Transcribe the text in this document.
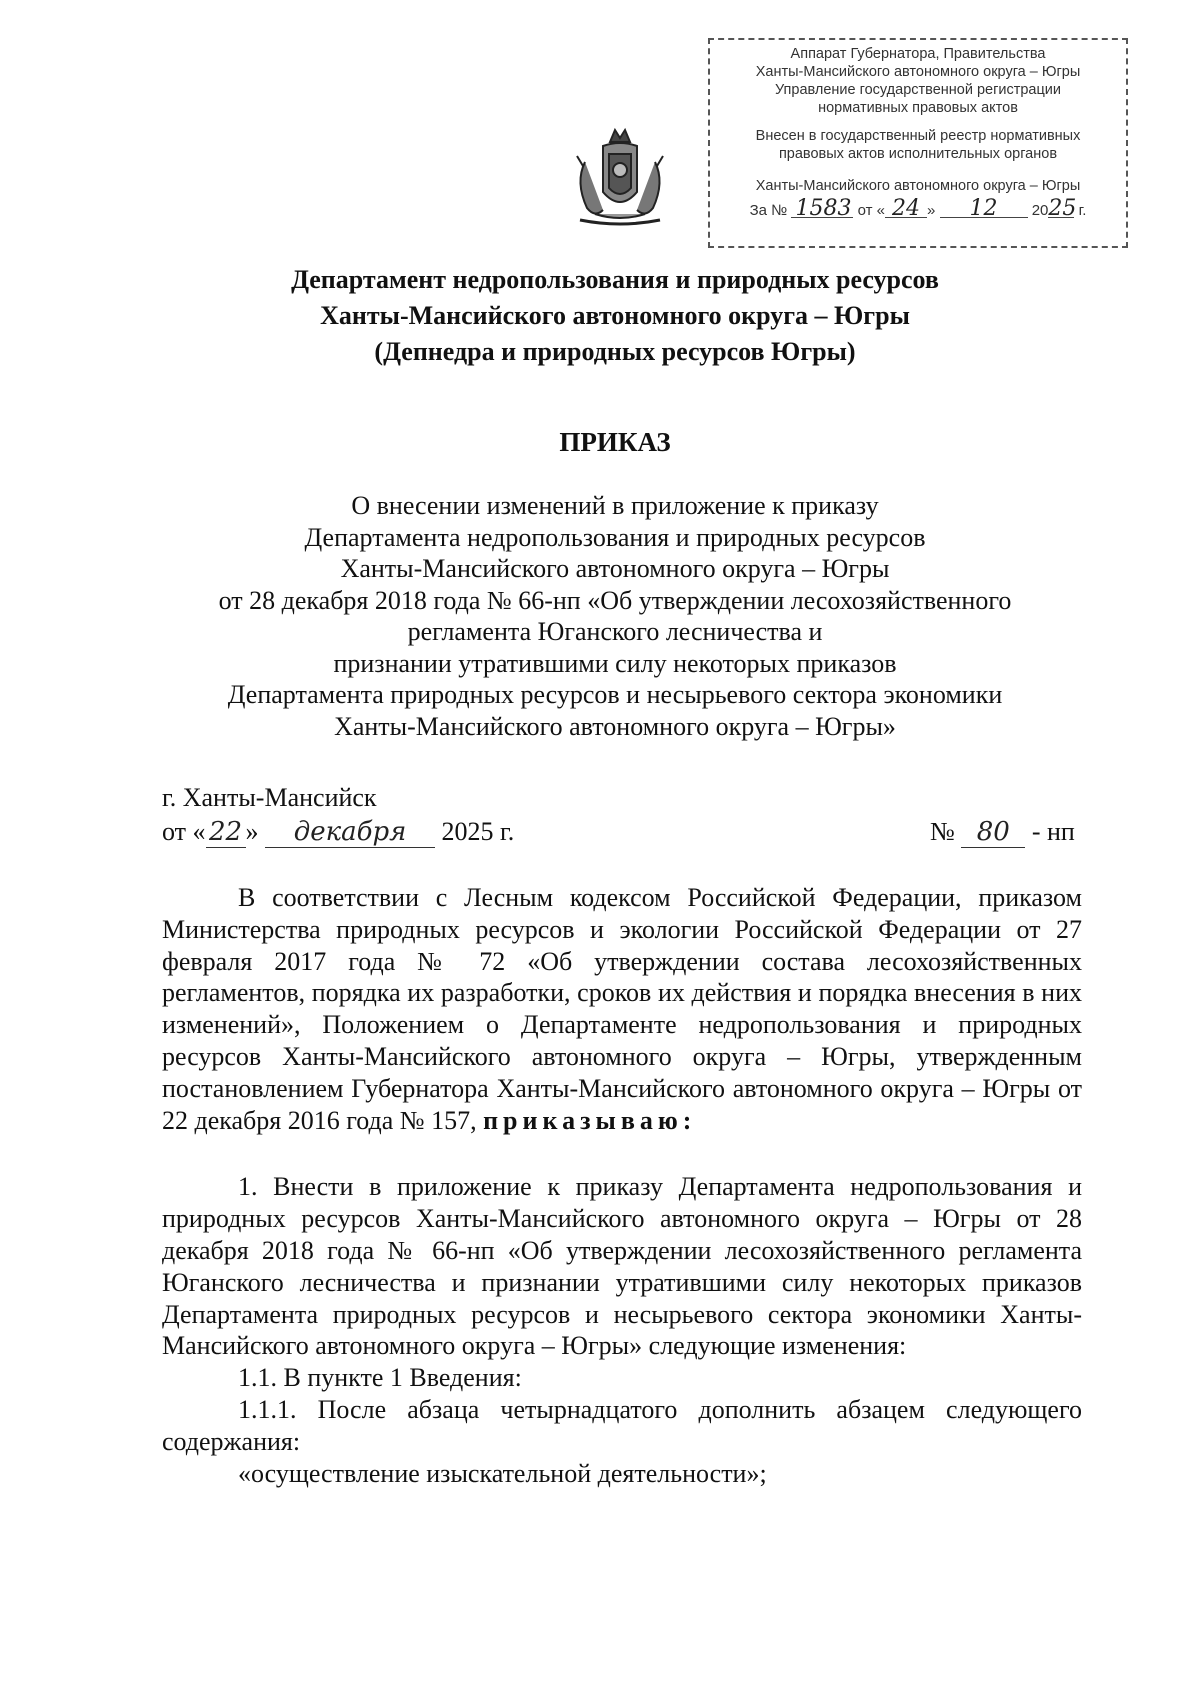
Аппарат Губернатора, Правительства
Ханты-Мансийского автономного округа – Югры
Управление государственной регистрации
нормативных правовых актов
Внесен в государственный реестр нормативных
правовых актов исполнительных органов
Ханты-Мансийского автономного округа – Югры
За № 1583 от « 24 » 12 2025 г.
Департамент недропользования и природных ресурсов
Ханты-Мансийского автономного округа – Югры
(Депнедра и природных ресурсов Югры)
ПРИКАЗ
О внесении изменений в приложение к приказу
Департамента недропользования и природных ресурсов
Ханты-Мансийского автономного округа – Югры
от 28 декабря 2018 года № 66-нп «Об утверждении лесохозяйственного
регламента Юганского лесничества и
признании утратившими силу некоторых приказов
Департамента природных ресурсов и несырьевого сектора экономики
Ханты-Мансийского автономного округа – Югры»
г. Ханты-Мансийск
от « 22 » декабря 2025 г.	№ 80 - нп

В соответствии с Лесным кодексом Российской Федерации, приказом Министерства природных ресурсов и экологии Российской Федерации от 27 февраля 2017 года № 72 «Об утверждении состава лесохозяйственных регламентов, порядка их разработки, сроков их действия и порядка внесения в них изменений», Положением о Департаменте недропользования и природных ресурсов Ханты-Мансийского автономного округа – Югры, утвержденным постановлением Губернатора Ханты-Мансийского автономного округа – Югры от 22 декабря 2016 года № 157, приказываю:

1. Внести в приложение к приказу Департамента недропользования и природных ресурсов Ханты-Мансийского автономного округа – Югры от 28 декабря 2018 года № 66-нп «Об утверждении лесохозяйственного регламента Юганского лесничества и признании утратившими силу некоторых приказов Департамента природных ресурсов и несырьевого сектора экономики Ханты-Мансийского автономного округа – Югры» следующие изменения:

1.1. В пункте 1 Введения:

1.1.1. После абзаца четырнадцатого дополнить абзацем следующего содержания:

«осуществление изыскательной деятельности»;
